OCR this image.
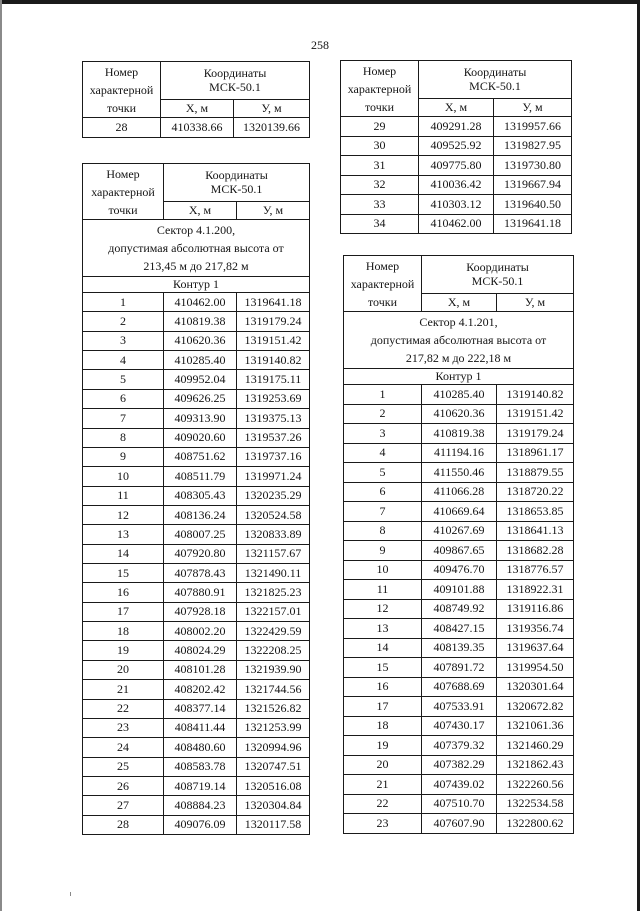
258
Номер
характерной
точки	Координаты
МСК-50.1	
	Х, м	У, м
28	410338.66	1320139.66
Номер
характерной
точки	Координаты
МСК-50.1	
	Х, м	У, м
Сектор 4.1.200,
допустимая абсолютная высота от
213,45 м до 217,82 м		
Контур 1		
1	410462.00	1319641.18
2	410819.38	1319179.24
3	410620.36	1319151.42
4	410285.40	1319140.82
5	409952.04	1319175.11
6	409626.25	1319253.69
7	409313.90	1319375.13
8	409020.60	1319537.26
9	408751.62	1319737.16
10	408511.79	1319971.24
11	408305.43	1320235.29
12	408136.24	1320524.58
13	408007.25	1320833.89
14	407920.80	1321157.67
15	407878.43	1321490.11
16	407880.91	1321825.23
17	407928.18	1322157.01
18	408002.20	1322429.59
19	408024.29	1322208.25
20	408101.28	1321939.90
21	408202.42	1321744.56
22	408377.14	1321526.82
23	408411.44	1321253.99
24	408480.60	1320994.96
25	408583.78	1320747.51
26	408719.14	1320516.08
27	408884.23	1320304.84
28	409076.09	1320117.58
Номер
характерной
точки	Координаты
МСК-50.1	
	Х, м	У, м
29	409291.28	1319957.66
30	409525.92	1319827.95
31	409775.80	1319730.80
32	410036.42	1319667.94
33	410303.12	1319640.50
34	410462.00	1319641.18
Номер
характерной
точки	Координаты
МСК-50.1	
	Х, м	У, м
Сектор 4.1.201,
допустимая абсолютная высота от
217,82 м до 222,18 м		
Контур 1		
1	410285.40	1319140.82
2	410620.36	1319151.42
3	410819.38	1319179.24
4	411194.16	1318961.17
5	411550.46	1318879.55
6	411066.28	1318720.22
7	410669.64	1318653.85
8	410267.69	1318641.13
9	409867.65	1318682.28
10	409476.70	1318776.57
11	409101.88	1318922.31
12	408749.92	1319116.86
13	408427.15	1319356.74
14	408139.35	1319637.64
15	407891.72	1319954.50
16	407688.69	1320301.64
17	407533.91	1320672.82
18	407430.17	1321061.36
19	407379.32	1321460.29
20	407382.29	1321862.43
21	407439.02	1322260.56
22	407510.70	1322534.58
23	407607.90	1322800.62
